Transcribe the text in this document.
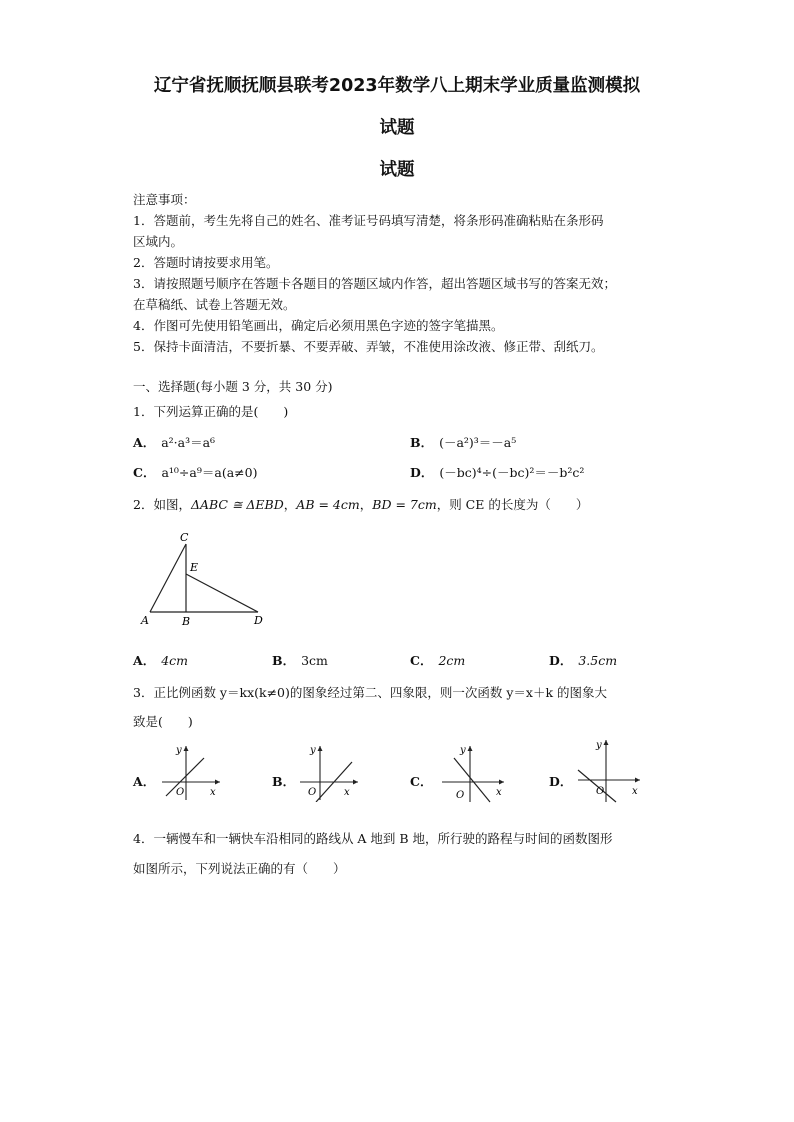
辽宁省抚顺抚顺县联考2023年数学八上期末学业质量监测模拟
试题
试题
注意事项：
1．答题前，考生先将自己的姓名、准考证号码填写清楚，将条形码准确粘贴在条形码
区域内。
2．答题时请按要求用笔。
3．请按照题号顺序在答题卡各题目的答题区域内作答，超出答题区域书写的答案无效；
在草稿纸、试卷上答题无效。
4．作图可先使用铅笔画出，确定后必须用黑色字迹的签字笔描黑。
5．保持卡面清洁，不要折暴、不要弄破、弄皱，不准使用涂改液、修正带、刮纸刀。
一、选择题(每小题 3 分，共 30 分)
1．下列运算正确的是(　　)
A． a²·a³＝a⁶	B． (－a²)³＝－a⁵
C． a¹⁰÷a⁹＝a(a≠0)	D． (－bc)⁴÷(－bc)²＝－b²c²
2．如图，ΔABC ≅ ΔEBD，AB = 4cm，BD = 7cm，则 CE 的长度为（　　）
C
E
A	B	D
A． 4cm	B． 3cm	C． 2cm	D． 3.5cm
3．正比例函数 y＝kx(k≠0)的图象经过第二、四象限，则一次函数 y＝x＋k 的图象大
致是(　　)
A．	B．	C．	D．
y
x
O
y
x
O
y
x
O
y
x
O
4．一辆慢车和一辆快车沿相同的路线从 A 地到 B 地，所行驶的路程与时间的函数图形
如图所示，下列说法正确的有（　　）
